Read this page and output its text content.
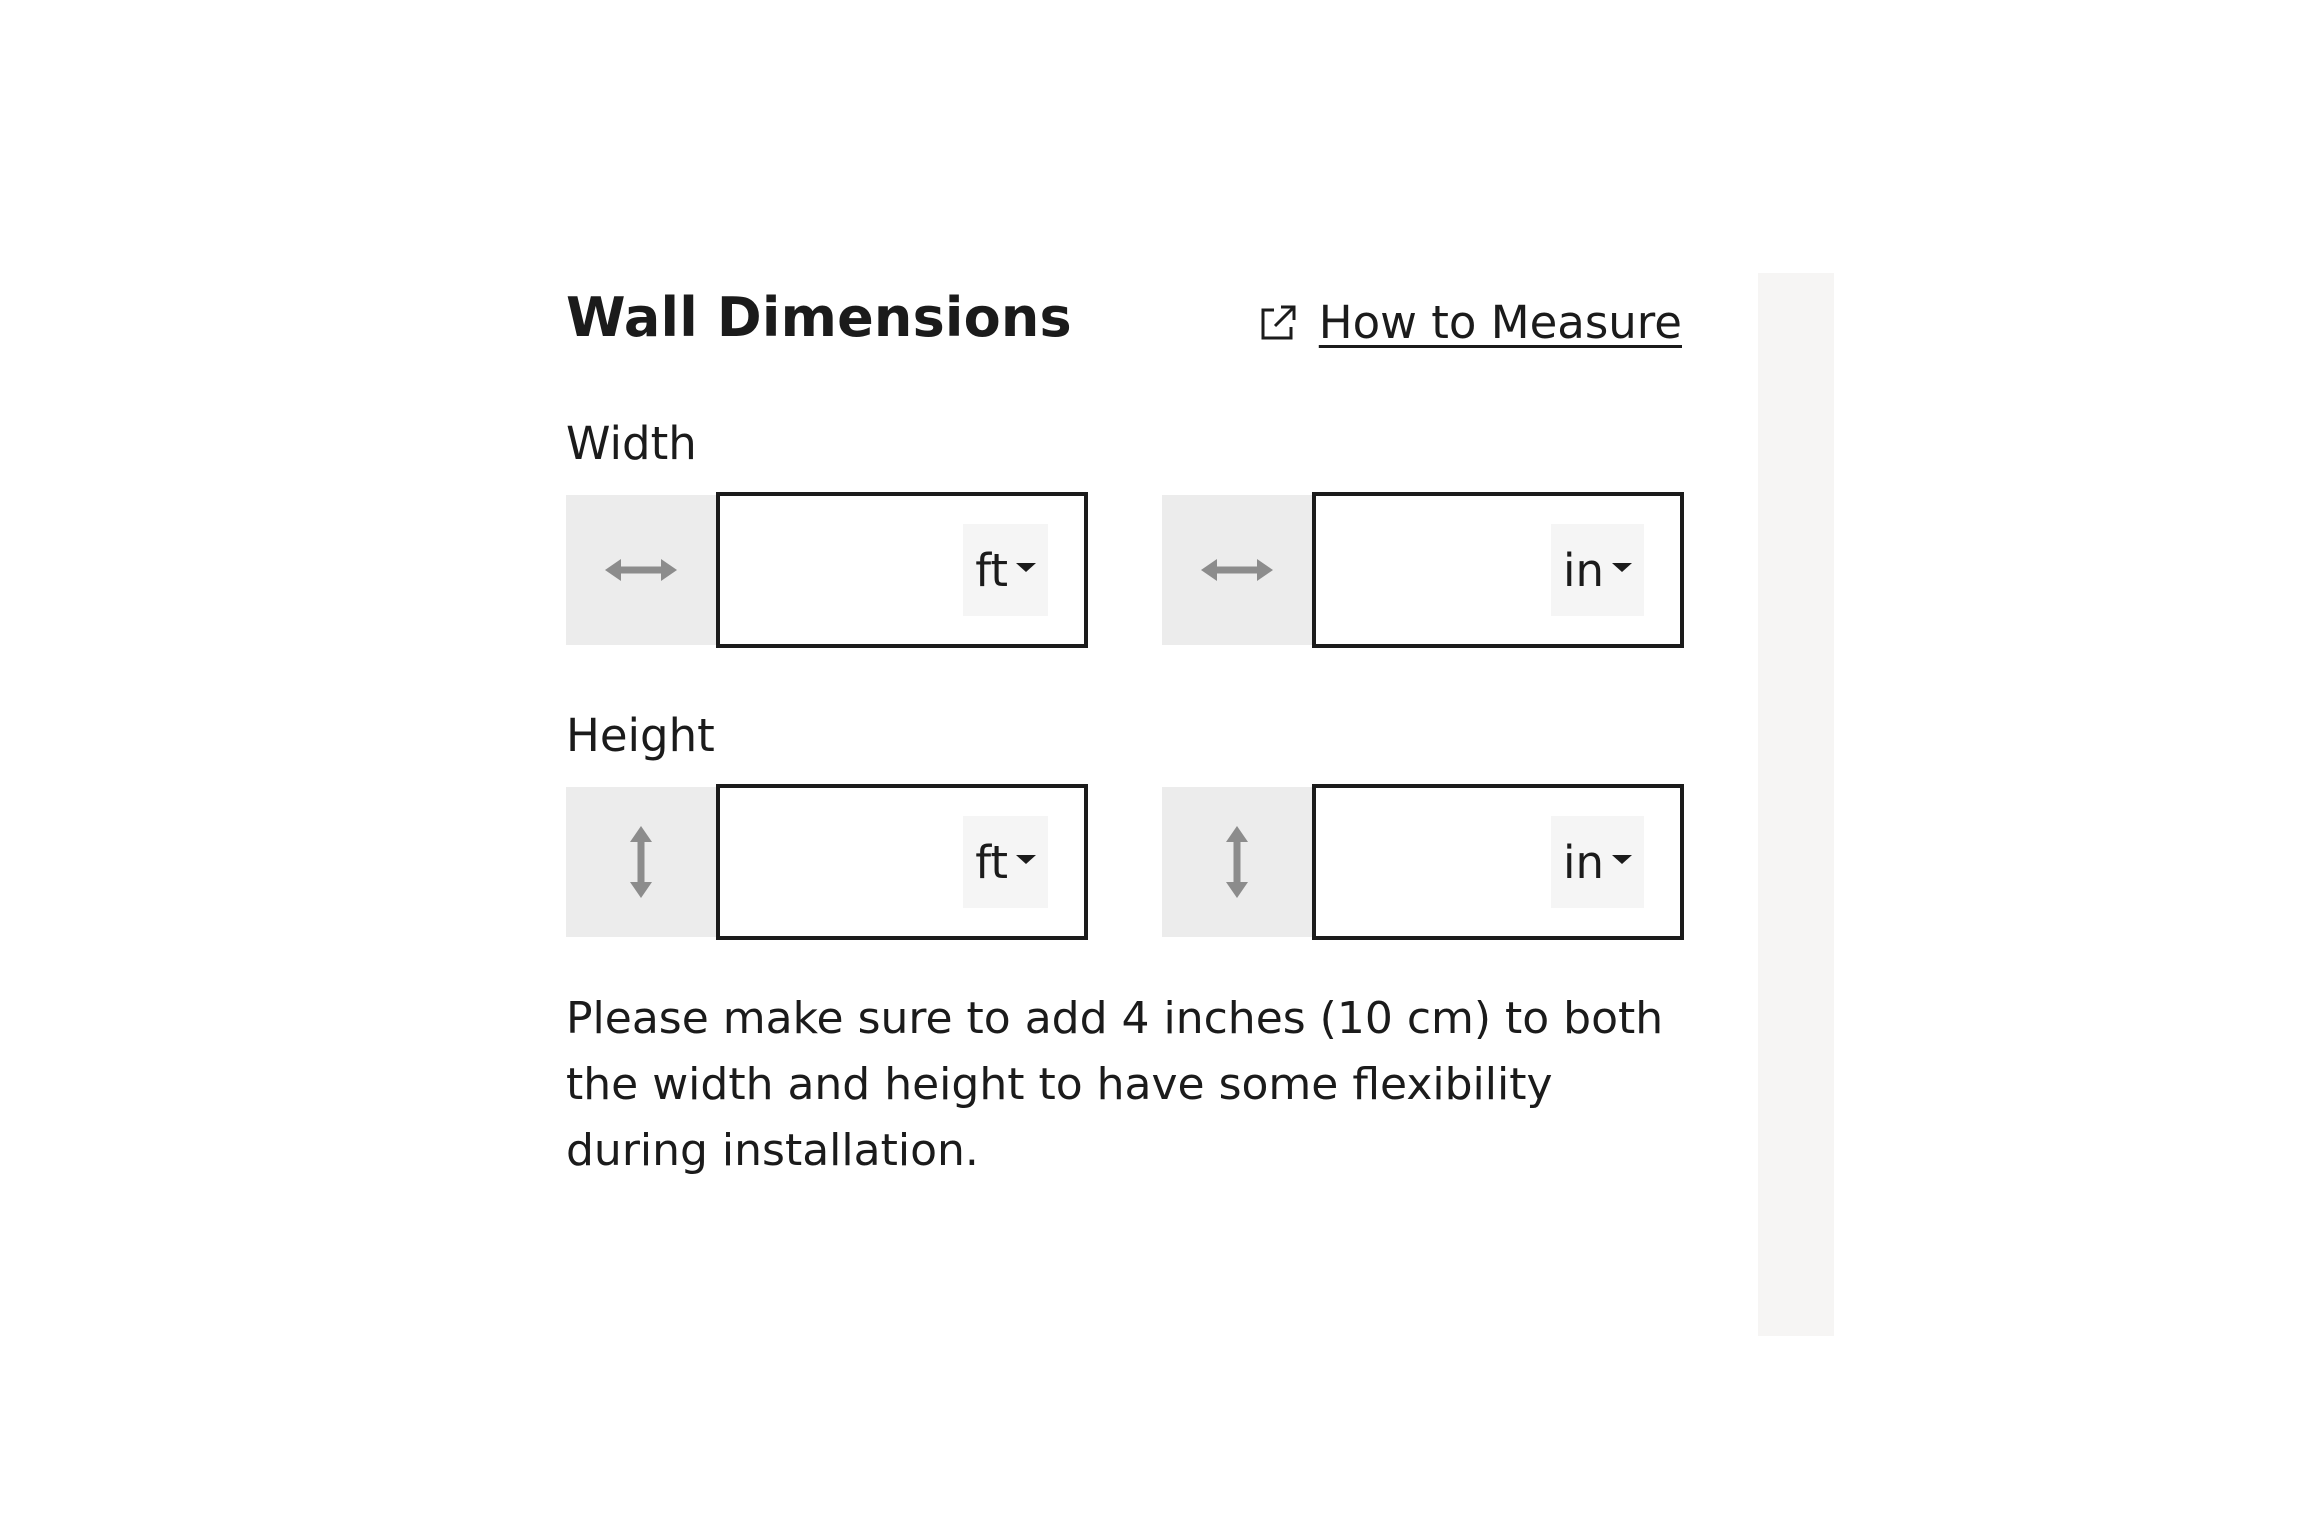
Wall Dimensions	How to Measure

Width

ft	in

Height

ft	in

Please make sure to add 4 inches (10 cm) to both the width and height to have some flexibility during installation.
